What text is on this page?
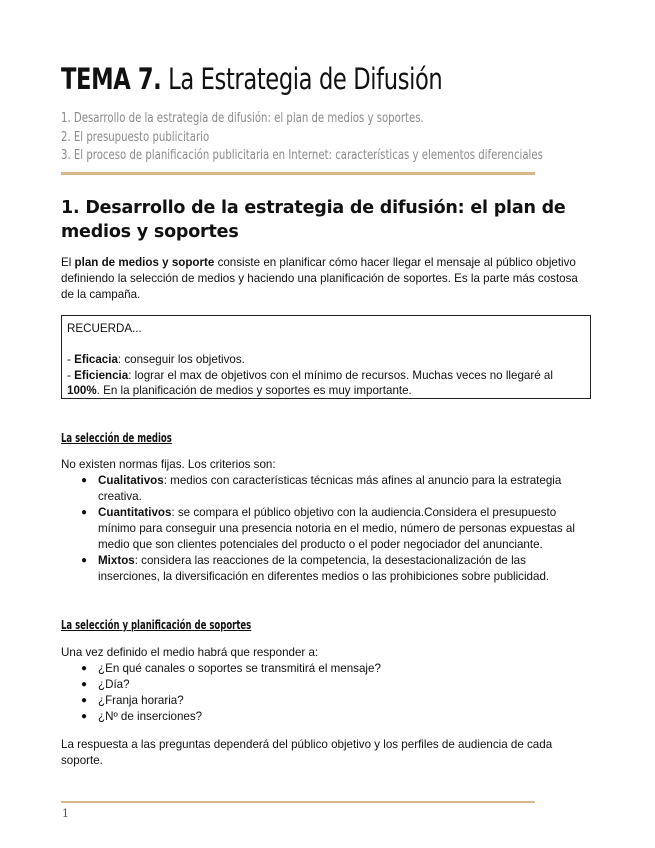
TEMA 7. La Estrategia de Difusión
1. Desarrollo de la estrategia de difusión: el plan de medios y soportes.
2. El presupuesto publicitario
3. El proceso de planificación publicitaria en Internet: características y elementos diferenciales
1. Desarrollo de la estrategia de difusión: el plan de medios y soportes
El plan de medios y soporte consiste en planificar cómo hacer llegar el mensaje al público objetivo definiendo la selección de medios y haciendo una planificación de soportes. Es la parte más costosa de la campaña.
RECUERDA...
- Eficacia: conseguir los objetivos.
- Eficiencia: lograr el max de objetivos con el mínimo de recursos. Muchas veces no llegaré al 100%. En la planificación de medios y soportes es muy importante.
La selección de medios
No existen normas fijas. Los criterios son:
● Cualitativos: medios con características técnicas más afines al anuncio para la estrategia creativa.
● Cuantitativos: se compara el público objetivo con la audiencia.Considera el presupuesto mínimo para conseguir una presencia notoria en el medio, número de personas expuestas al medio que son clientes potenciales del producto o el poder negociador del anunciante.
● Mixtos: considera las reacciones de la competencia, la desestacionalización de las inserciones, la diversificación en diferentes medios o las prohibiciones sobre publicidad.
La selección y planificación de soportes
Una vez definido el medio habrá que responder a:
● ¿En qué canales o soportes se transmitirá el mensaje?
● ¿Día?
● ¿Franja horaria?
● ¿Nº de inserciones?
La respuesta a las preguntas dependerá del público objetivo y los perfiles de audiencia de cada soporte.
1
